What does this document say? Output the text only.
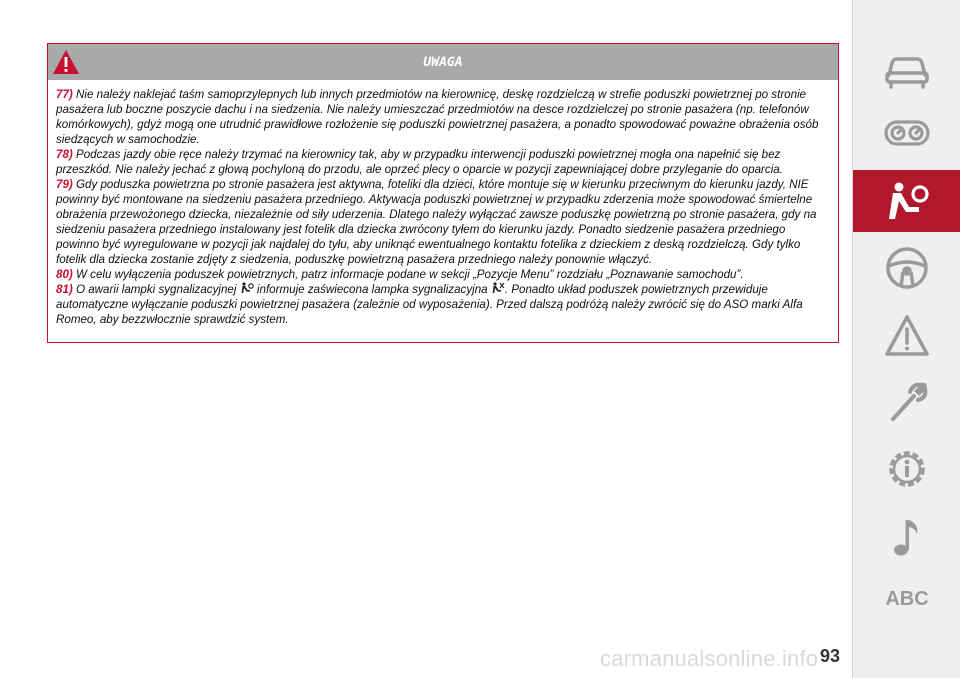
UWAGA

77) Nie należy naklejać taśm samoprzylepnych lub innych przedmiotów na kierownicę, deskę rozdzielczą w strefie poduszki powietrznej po stronie pasażera lub boczne poszycie dachu i na siedzenia. Nie należy umieszczać przedmiotów na desce rozdzielczej po stronie pasażera (np. telefonów komórkowych), gdyż mogą one utrudnić prawidłowe rozłożenie się poduszki powietrznej pasażera, a ponadto spowodować poważne obrażenia osób siedzących w samochodzie.

78) Podczas jazdy obie ręce należy trzymać na kierownicy tak, aby w przypadku interwencji poduszki powietrznej mogła ona napełnić się bez przeszkód. Nie należy jechać z głową pochyloną do przodu, ale oprzeć plecy o oparcie w pozycji zapewniającej dobre przyleganie do oparcia.

79) Gdy poduszka powietrzna po stronie pasażera jest aktywna, foteliki dla dzieci, które montuje się w kierunku przeciwnym do kierunku jazdy, NIE powinny być montowane na siedzeniu pasażera przedniego. Aktywacja poduszki powietrznej w przypadku zderzenia może spowodować śmiertelne obrażenia przewożonego dziecka, niezależnie od siły uderzenia. Dlatego należy wyłączać zawsze poduszkę powietrzną po stronie pasażera, gdy na siedzeniu pasażera przedniego instalowany jest fotelik dla dziecka zwrócony tyłem do kierunku jazdy. Ponadto siedzenie pasażera przedniego powinno być wyregulowane w pozycji jak najdalej do tyłu, aby uniknąć ewentualnego kontaktu fotelika z dzieckiem z deską rozdzielczą. Gdy tylko fotelik dla dziecka zostanie zdjęty z siedzenia, poduszkę powietrzną pasażera przedniego należy ponownie włączyć.

80) W celu wyłączenia poduszek powietrznych, patrz informacje podane w sekcji „Pozycje Menu” rozdziału „Poznawanie samochodu”.

81) O awarii lampki sygnalizacyjnej informuje zaświecona lampka sygnalizacyjna . Ponadto układ poduszek powietrznych przewiduje automatyczne wyłączanie poduszki powietrznej pasażera (zależnie od wyposażenia). Przed dalszą podróżą należy zwrócić się do ASO marki Alfa Romeo, aby bezzwłocznie sprawdzić system.

ABC
carmanualsonline.info 93
